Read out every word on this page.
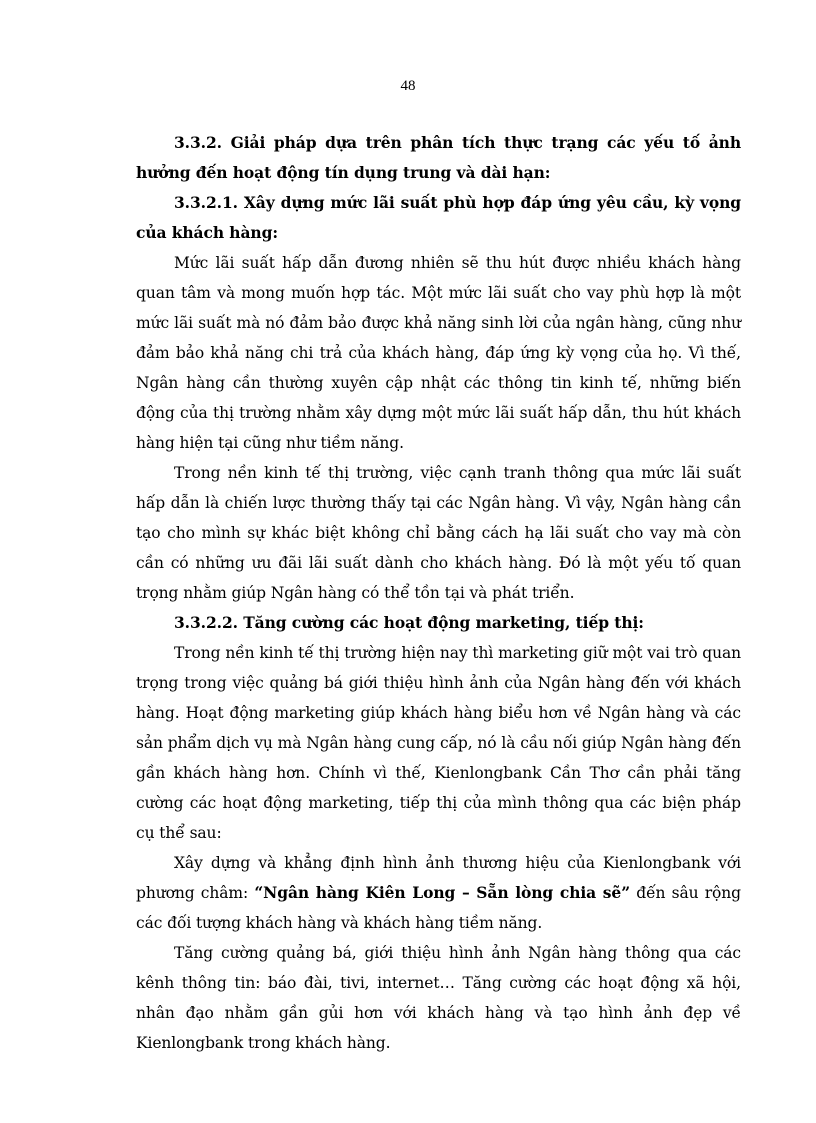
48

3.3.2. Giải pháp dựa trên phân tích thực trạng các yếu tố ảnh hưởng đến hoạt động tín dụng trung và dài hạn:

3.3.2.1. Xây dựng mức lãi suất phù hợp đáp ứng yêu cầu, kỳ vọng của khách hàng:

Mức lãi suất hấp dẫn đương nhiên sẽ thu hút được nhiều khách hàng quan tâm và mong muốn hợp tác. Một mức lãi suất cho vay phù hợp là một mức lãi suất mà nó đảm bảo được khả năng sinh lời của ngân hàng, cũng như đảm bảo khả năng chi trả của khách hàng, đáp ứng kỳ vọng của họ. Vì thế, Ngân hàng cần thường xuyên cập nhật các thông tin kinh tế, những biến động của thị trường nhằm xây dựng một mức lãi suất hấp dẫn, thu hút khách hàng hiện tại cũng như tiềm năng.

Trong nền kinh tế thị trường, việc cạnh tranh thông qua mức lãi suất hấp dẫn là chiến lược thường thấy tại các Ngân hàng. Vì vậy, Ngân hàng cần tạo cho mình sự khác biệt không chỉ bằng cách hạ lãi suất cho vay mà còn cần có những ưu đãi lãi suất dành cho khách hàng. Đó là một yếu tố quan trọng nhằm giúp Ngân hàng có thể tồn tại và phát triển.

3.3.2.2. Tăng cường các hoạt động marketing, tiếp thị:

Trong nền kinh tế thị trường hiện nay thì marketing giữ một vai trò quan trọng trong việc quảng bá giới thiệu hình ảnh của Ngân hàng đến với khách hàng. Hoạt động marketing giúp khách hàng biểu hơn về Ngân hàng và các sản phẩm dịch vụ mà Ngân hàng cung cấp, nó là cầu nối giúp Ngân hàng đến gần khách hàng hơn. Chính vì thế, Kienlongbank Cần Thơ cần phải tăng cường các hoạt động marketing, tiếp thị của mình thông qua các biện pháp cụ thể sau:

Xây dựng và khẳng định hình ảnh thương hiệu của Kienlongbank với phương châm: “Ngân hàng Kiên Long – Sẵn lòng chia sẽ” đến sâu rộng các đối tượng khách hàng và khách hàng tiềm năng.

Tăng cường quảng bá, giới thiệu hình ảnh Ngân hàng thông qua các kênh thông tin: báo đài, tivi, internet… Tăng cường các hoạt động xã hội, nhân đạo nhằm gần gủi hơn với khách hàng và tạo hình ảnh đẹp về Kienlongbank trong khách hàng.
